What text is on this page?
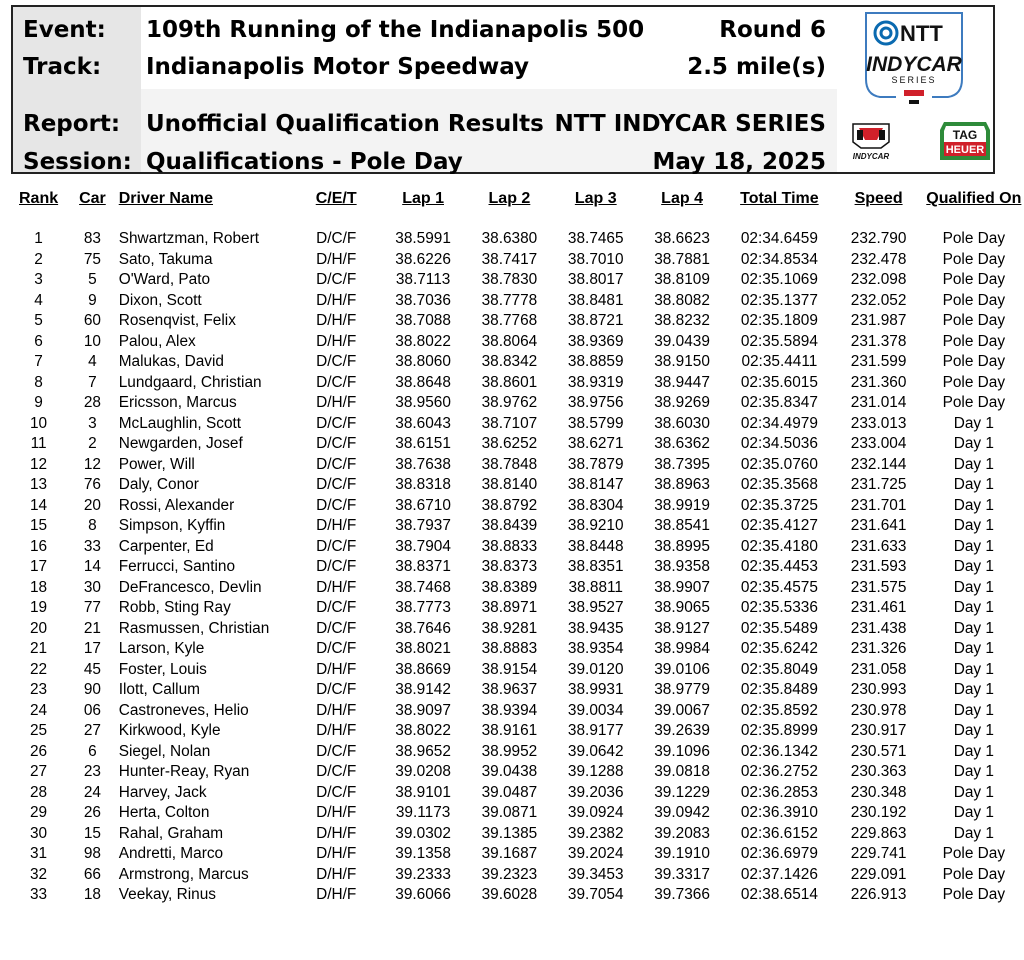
Event: 109th Running of the Indianapolis 500	Round 6
Track: Indianapolis Motor Speedway	2.5 mile(s)
Report: Unofficial Qualification Results NTT INDYCAR SERIES
Session: Qualifications - Pole Day	May 18, 2025
NTT
INDYCAR
SERIES
INDYCAR
TAG
HEUER
Rank	Car	Driver Name	C/E/T	Lap 1	Lap 2	Lap 3	Lap 4	Total Time	Speed	Qualified On

1	83	Shwartzman, Robert	D/C/F	38.5991	38.6380	38.7465	38.6623	02:34.6459	232.790	Pole Day
2	75	Sato, Takuma	D/H/F	38.6226	38.7417	38.7010	38.7881	02:34.8534	232.478	Pole Day
3	5	O'Ward, Pato	D/C/F	38.7113	38.7830	38.8017	38.8109	02:35.1069	232.098	Pole Day
4	9	Dixon, Scott	D/H/F	38.7036	38.7778	38.8481	38.8082	02:35.1377	232.052	Pole Day
5	60	Rosenqvist, Felix	D/H/F	38.7088	38.7768	38.8721	38.8232	02:35.1809	231.987	Pole Day
6	10	Palou, Alex	D/H/F	38.8022	38.8064	38.9369	39.0439	02:35.5894	231.378	Pole Day
7	4	Malukas, David	D/C/F	38.8060	38.8342	38.8859	38.9150	02:35.4411	231.599	Pole Day
8	7	Lundgaard, Christian	D/C/F	38.8648	38.8601	38.9319	38.9447	02:35.6015	231.360	Pole Day
9	28	Ericsson, Marcus	D/H/F	38.9560	38.9762	38.9756	38.9269	02:35.8347	231.014	Pole Day
10	3	McLaughlin, Scott	D/C/F	38.6043	38.7107	38.5799	38.6030	02:34.4979	233.013	Day 1
11	2	Newgarden, Josef	D/C/F	38.6151	38.6252	38.6271	38.6362	02:34.5036	233.004	Day 1
12	12	Power, Will	D/C/F	38.7638	38.7848	38.7879	38.7395	02:35.0760	232.144	Day 1
13	76	Daly, Conor	D/C/F	38.8318	38.8140	38.8147	38.8963	02:35.3568	231.725	Day 1
14	20	Rossi, Alexander	D/C/F	38.6710	38.8792	38.8304	38.9919	02:35.3725	231.701	Day 1
15	8	Simpson, Kyffin	D/H/F	38.7937	38.8439	38.9210	38.8541	02:35.4127	231.641	Day 1
16	33	Carpenter, Ed	D/C/F	38.7904	38.8833	38.8448	38.8995	02:35.4180	231.633	Day 1
17	14	Ferrucci, Santino	D/C/F	38.8371	38.8373	38.8351	38.9358	02:35.4453	231.593	Day 1
18	30	DeFrancesco, Devlin	D/H/F	38.7468	38.8389	38.8811	38.9907	02:35.4575	231.575	Day 1
19	77	Robb, Sting Ray	D/C/F	38.7773	38.8971	38.9527	38.9065	02:35.5336	231.461	Day 1
20	21	Rasmussen, Christian	D/C/F	38.7646	38.9281	38.9435	38.9127	02:35.5489	231.438	Day 1
21	17	Larson, Kyle	D/C/F	38.8021	38.8883	38.9354	38.9984	02:35.6242	231.326	Day 1
22	45	Foster, Louis	D/H/F	38.8669	38.9154	39.0120	39.0106	02:35.8049	231.058	Day 1
23	90	Ilott, Callum	D/C/F	38.9142	38.9637	38.9931	38.9779	02:35.8489	230.993	Day 1
24	06	Castroneves, Helio	D/H/F	38.9097	38.9394	39.0034	39.0067	02:35.8592	230.978	Day 1
25	27	Kirkwood, Kyle	D/H/F	38.8022	38.9161	38.9177	39.2639	02:35.8999	230.917	Day 1
26	6	Siegel, Nolan	D/C/F	38.9652	38.9952	39.0642	39.1096	02:36.1342	230.571	Day 1
27	23	Hunter-Reay, Ryan	D/C/F	39.0208	39.0438	39.1288	39.0818	02:36.2752	230.363	Day 1
28	24	Harvey, Jack	D/C/F	38.9101	39.0487	39.2036	39.1229	02:36.2853	230.348	Day 1
29	26	Herta, Colton	D/H/F	39.1173	39.0871	39.0924	39.0942	02:36.3910	230.192	Day 1
30	15	Rahal, Graham	D/H/F	39.0302	39.1385	39.2382	39.2083	02:36.6152	229.863	Day 1
31	98	Andretti, Marco	D/H/F	39.1358	39.1687	39.2024	39.1910	02:36.6979	229.741	Pole Day
32	66	Armstrong, Marcus	D/H/F	39.2333	39.2323	39.3453	39.3317	02:37.1426	229.091	Pole Day
33	18	Veekay, Rinus	D/H/F	39.6066	39.6028	39.7054	39.7366	02:38.6514	226.913	Pole Day
